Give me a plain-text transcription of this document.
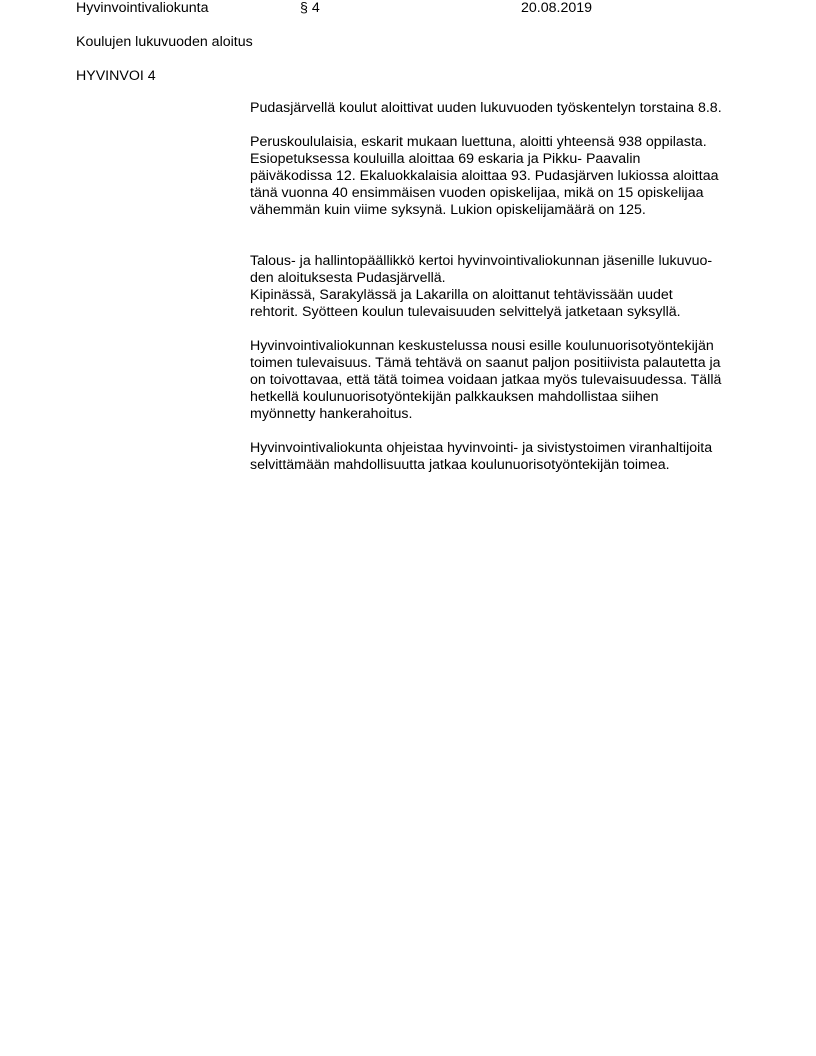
Hyvinvointivaliokunta	§ 4	20.08.2019
Koulujen lukuvuoden aloitus
HYVINVOI 4

Pudasjärvellä koulut aloittivat uuden lukuvuoden työskentelyn torstaina 8.8.

Peruskoululaisia, eskarit mukaan luettuna, aloitti yhteensä 938 oppilasta.

Esiopetuksessa kouluilla aloittaa 69 eskaria ja Pikku- Paavalin

päiväkodissa 12. Ekaluokkalaisia aloittaa 93. Pudasjärven lukiossa aloittaa

tänä vuonna 40 ensimmäisen vuoden opiskelijaa, mikä on 15 opiskelijaa

vähemmän kuin viime syksynä. Lukion opiskelijamäärä on 125.

Talous- ja hallintopäällikkö kertoi hyvinvointivaliokunnan jäsenille lukuvuo-

den aloituksesta Pudasjärvellä.

Kipinässä, Sarakylässä ja Lakarilla on aloittanut tehtävissään uudet

rehtorit. Syötteen koulun tulevaisuuden selvittelyä jatketaan syksyllä.

Hyvinvointivaliokunnan keskustelussa nousi esille koulunuorisotyöntekijän

toimen tulevaisuus. Tämä tehtävä on saanut paljon positiivista palautetta ja

on toivottavaa, että tätä toimea voidaan jatkaa myös tulevaisuudessa. Tällä

hetkellä koulunuorisotyöntekijän palkkauksen mahdollistaa siihen

myönnetty hankerahoitus.

Hyvinvointivaliokunta ohjeistaa hyvinvointi- ja sivistystoimen viranhaltijoita

selvittämään mahdollisuutta jatkaa koulunuorisotyöntekijän toimea.
